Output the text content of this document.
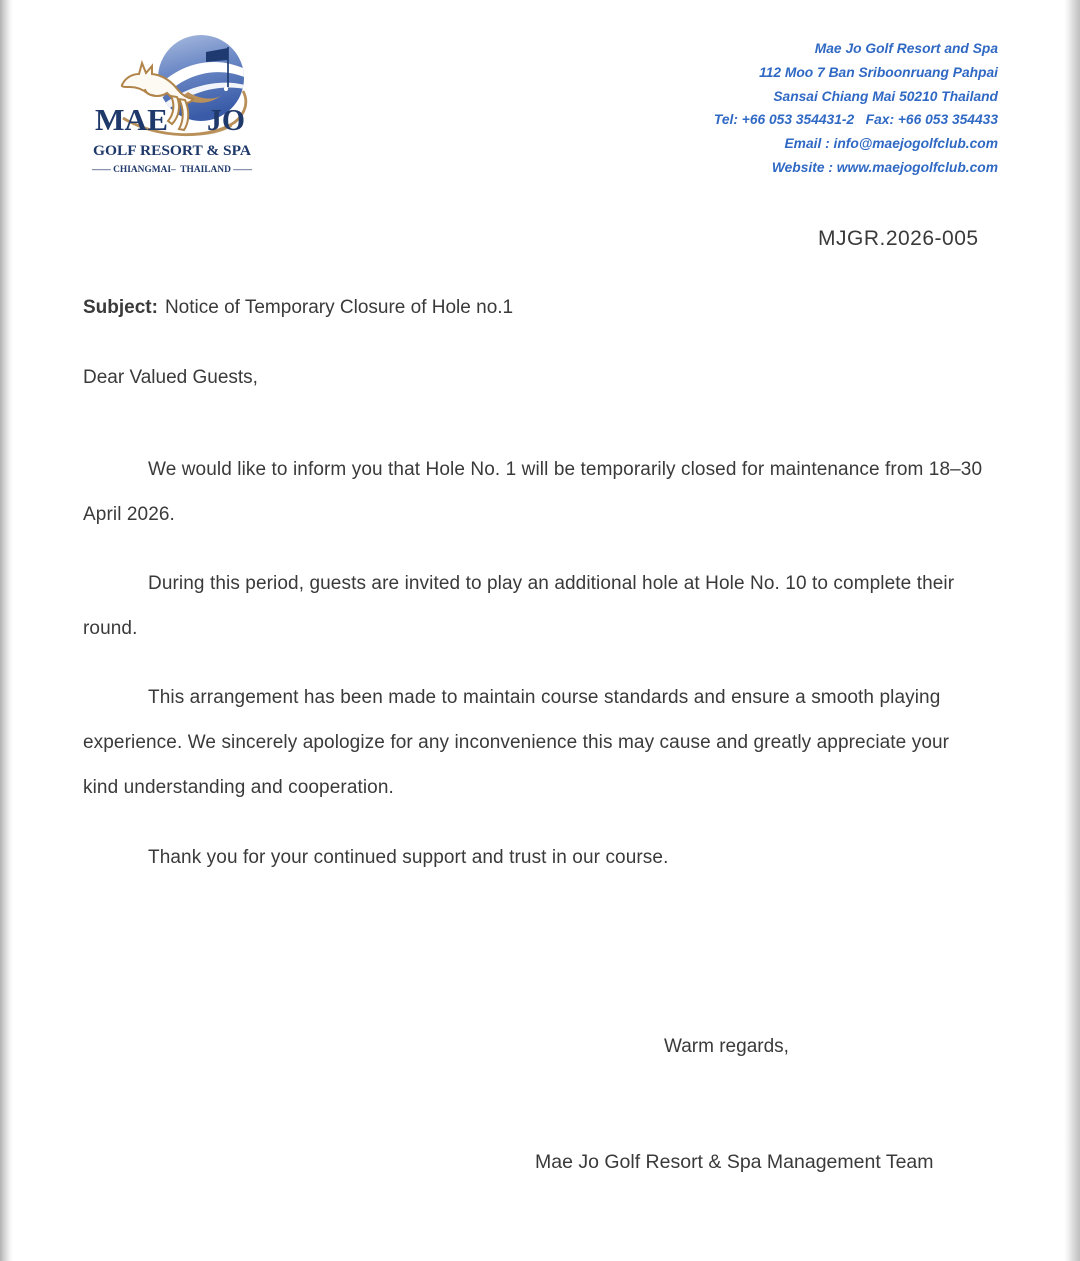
MAE JO
GOLF RESORT & SPA
—— CHIANGMAI–  THAILAND ——
Mae Jo Golf Resort and Spa
112 Moo 7 Ban Sriboonruang Pahpai
Sansai Chiang Mai 50210 Thailand
Tel: +66 053 354431-2   Fax: +66 053 354433
Email : info@maejogolfclub.com
Website : www.maejogolfclub.com
MJGR.2026-005
Subject: Notice of Temporary Closure of Hole no.1
Dear Valued Guests,

We would like to inform you that Hole No. 1 will be temporarily closed for maintenance from 18–30 April 2026.

During this period, guests are invited to play an additional hole at Hole No. 10 to complete their round.

This arrangement has been made to maintain course standards and ensure a smooth playing experience. We sincerely apologize for any inconvenience this may cause and greatly appreciate your kind understanding and cooperation.

Thank you for your continued support and trust in our course.

Warm regards,
Mae Jo Golf Resort & Spa Management Team
